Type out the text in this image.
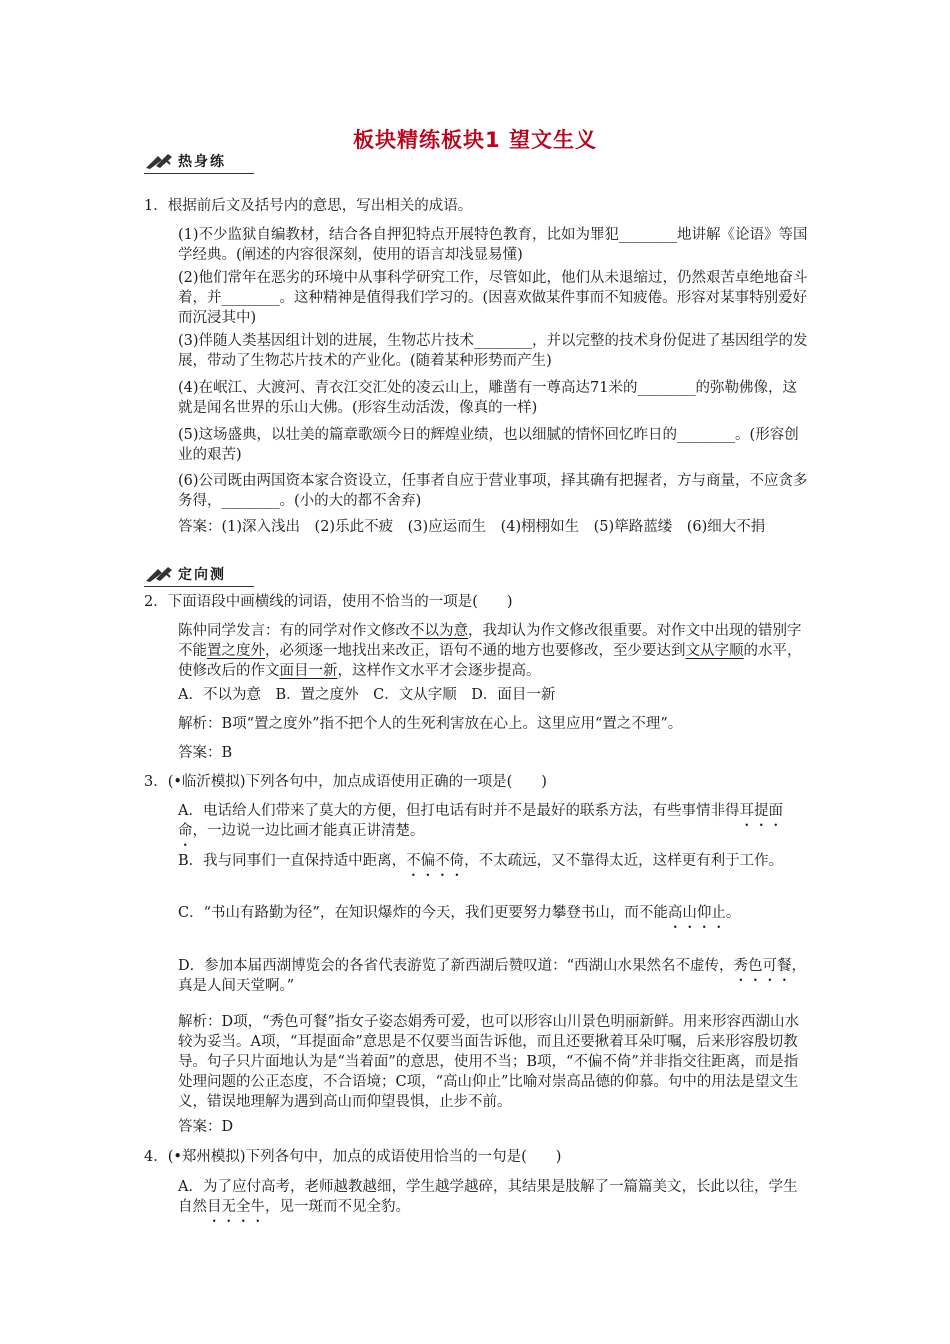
板块精练板块1 望文生义
热身练
1．根据前后文及括号内的意思，写出相关的成语。
(1)不少监狱自编教材，结合各自押犯特点开展特色教育，比如为罪犯________地讲解《论语》等国学经典。(阐述的内容很深刻，使用的语言却浅显易懂)
(2)他们常年在恶劣的环境中从事科学研究工作，尽管如此，他们从未退缩过，仍然艰苦卓绝地奋斗着，并________。这种精神是值得我们学习的。(因喜欢做某件事而不知疲倦。形容对某事特别爱好而沉浸其中)
(3)伴随人类基因组计划的进展，生物芯片技术________，并以完整的技术身份促进了基因组学的发展，带动了生物芯片技术的产业化。(随着某种形势而产生)
(4)在岷江、大渡河、青衣江交汇处的凌云山上，雕凿有一尊高达71米的________的弥勒佛像，这就是闻名世界的乐山大佛。(形容生动活泼，像真的一样)
(5)这场盛典，以壮美的篇章歌颂今日的辉煌业绩，也以细腻的情怀回忆昨日的________。(形容创业的艰苦)
(6)公司既由两国资本家合资设立，任事者自应于营业事项，择其确有把握者，方与商量，不应贪多务得，________。(小的大的都不舍弃)
答案：(1)深入浅出　(2)乐此不疲　(3)应运而生　(4)栩栩如生　(5)筚路蓝缕　(6)细大不捐
定向测
2．下面语段中画横线的词语，使用不恰当的一项是(　　)
陈仲同学发言：有的同学对作文修改不以为意，我却认为作文修改很重要。对作文中出现的错别字不能置之度外，必须逐一地找出来改正，语句不通的地方也要修改，至少要达到文从字顺的水平，使修改后的作文面目一新，这样作文水平才会逐步提高。
A．不以为意　B．置之度外　C．文从字顺　D．面目一新
解析：B项“置之度外”指不把个人的生死利害放在心上。这里应用“置之不理”。
答案：B
3．(•临沂模拟)下列各句中，加点成语使用正确的一项是(　　)
A．电话给人们带来了莫大的方便，但打电话有时并不是最好的联系方法，有些事情非得耳提面命，一边说一边比画才能真正讲清楚。
B．我与同事们一直保持适中距离，不偏不倚，不太疏远，又不靠得太近，这样更有利于工作。
C．“书山有路勤为径”，在知识爆炸的今天，我们更要努力攀登书山，而不能高山仰止。
D．参加本届西湖博览会的各省代表游览了新西湖后赞叹道：“西湖山水果然名不虚传，秀色可餐，真是人间天堂啊。”
解析：D项，“秀色可餐”指女子姿态娟秀可爱，也可以形容山川景色明丽新鲜。用来形容西湖山水较为妥当。A项，“耳提面命”意思是不仅要当面告诉他，而且还要揪着耳朵叮嘱，后来形容殷切教导。句子只片面地认为是“当着面”的意思，使用不当；B项，“不偏不倚”并非指交往距离，而是指处理问题的公正态度，不合语境；C项，“高山仰止”比喻对崇高品德的仰慕。句中的用法是望文生义，错误地理解为遇到高山而仰望畏惧，止步不前。
答案：D
4．(•郑州模拟)下列各句中，加点的成语使用恰当的一句是(　　)
A．为了应付高考，老师越教越细，学生越学越碎，其结果是肢解了一篇篇美文，长此以往，学生自然目无全牛，见一斑而不见全豹。
